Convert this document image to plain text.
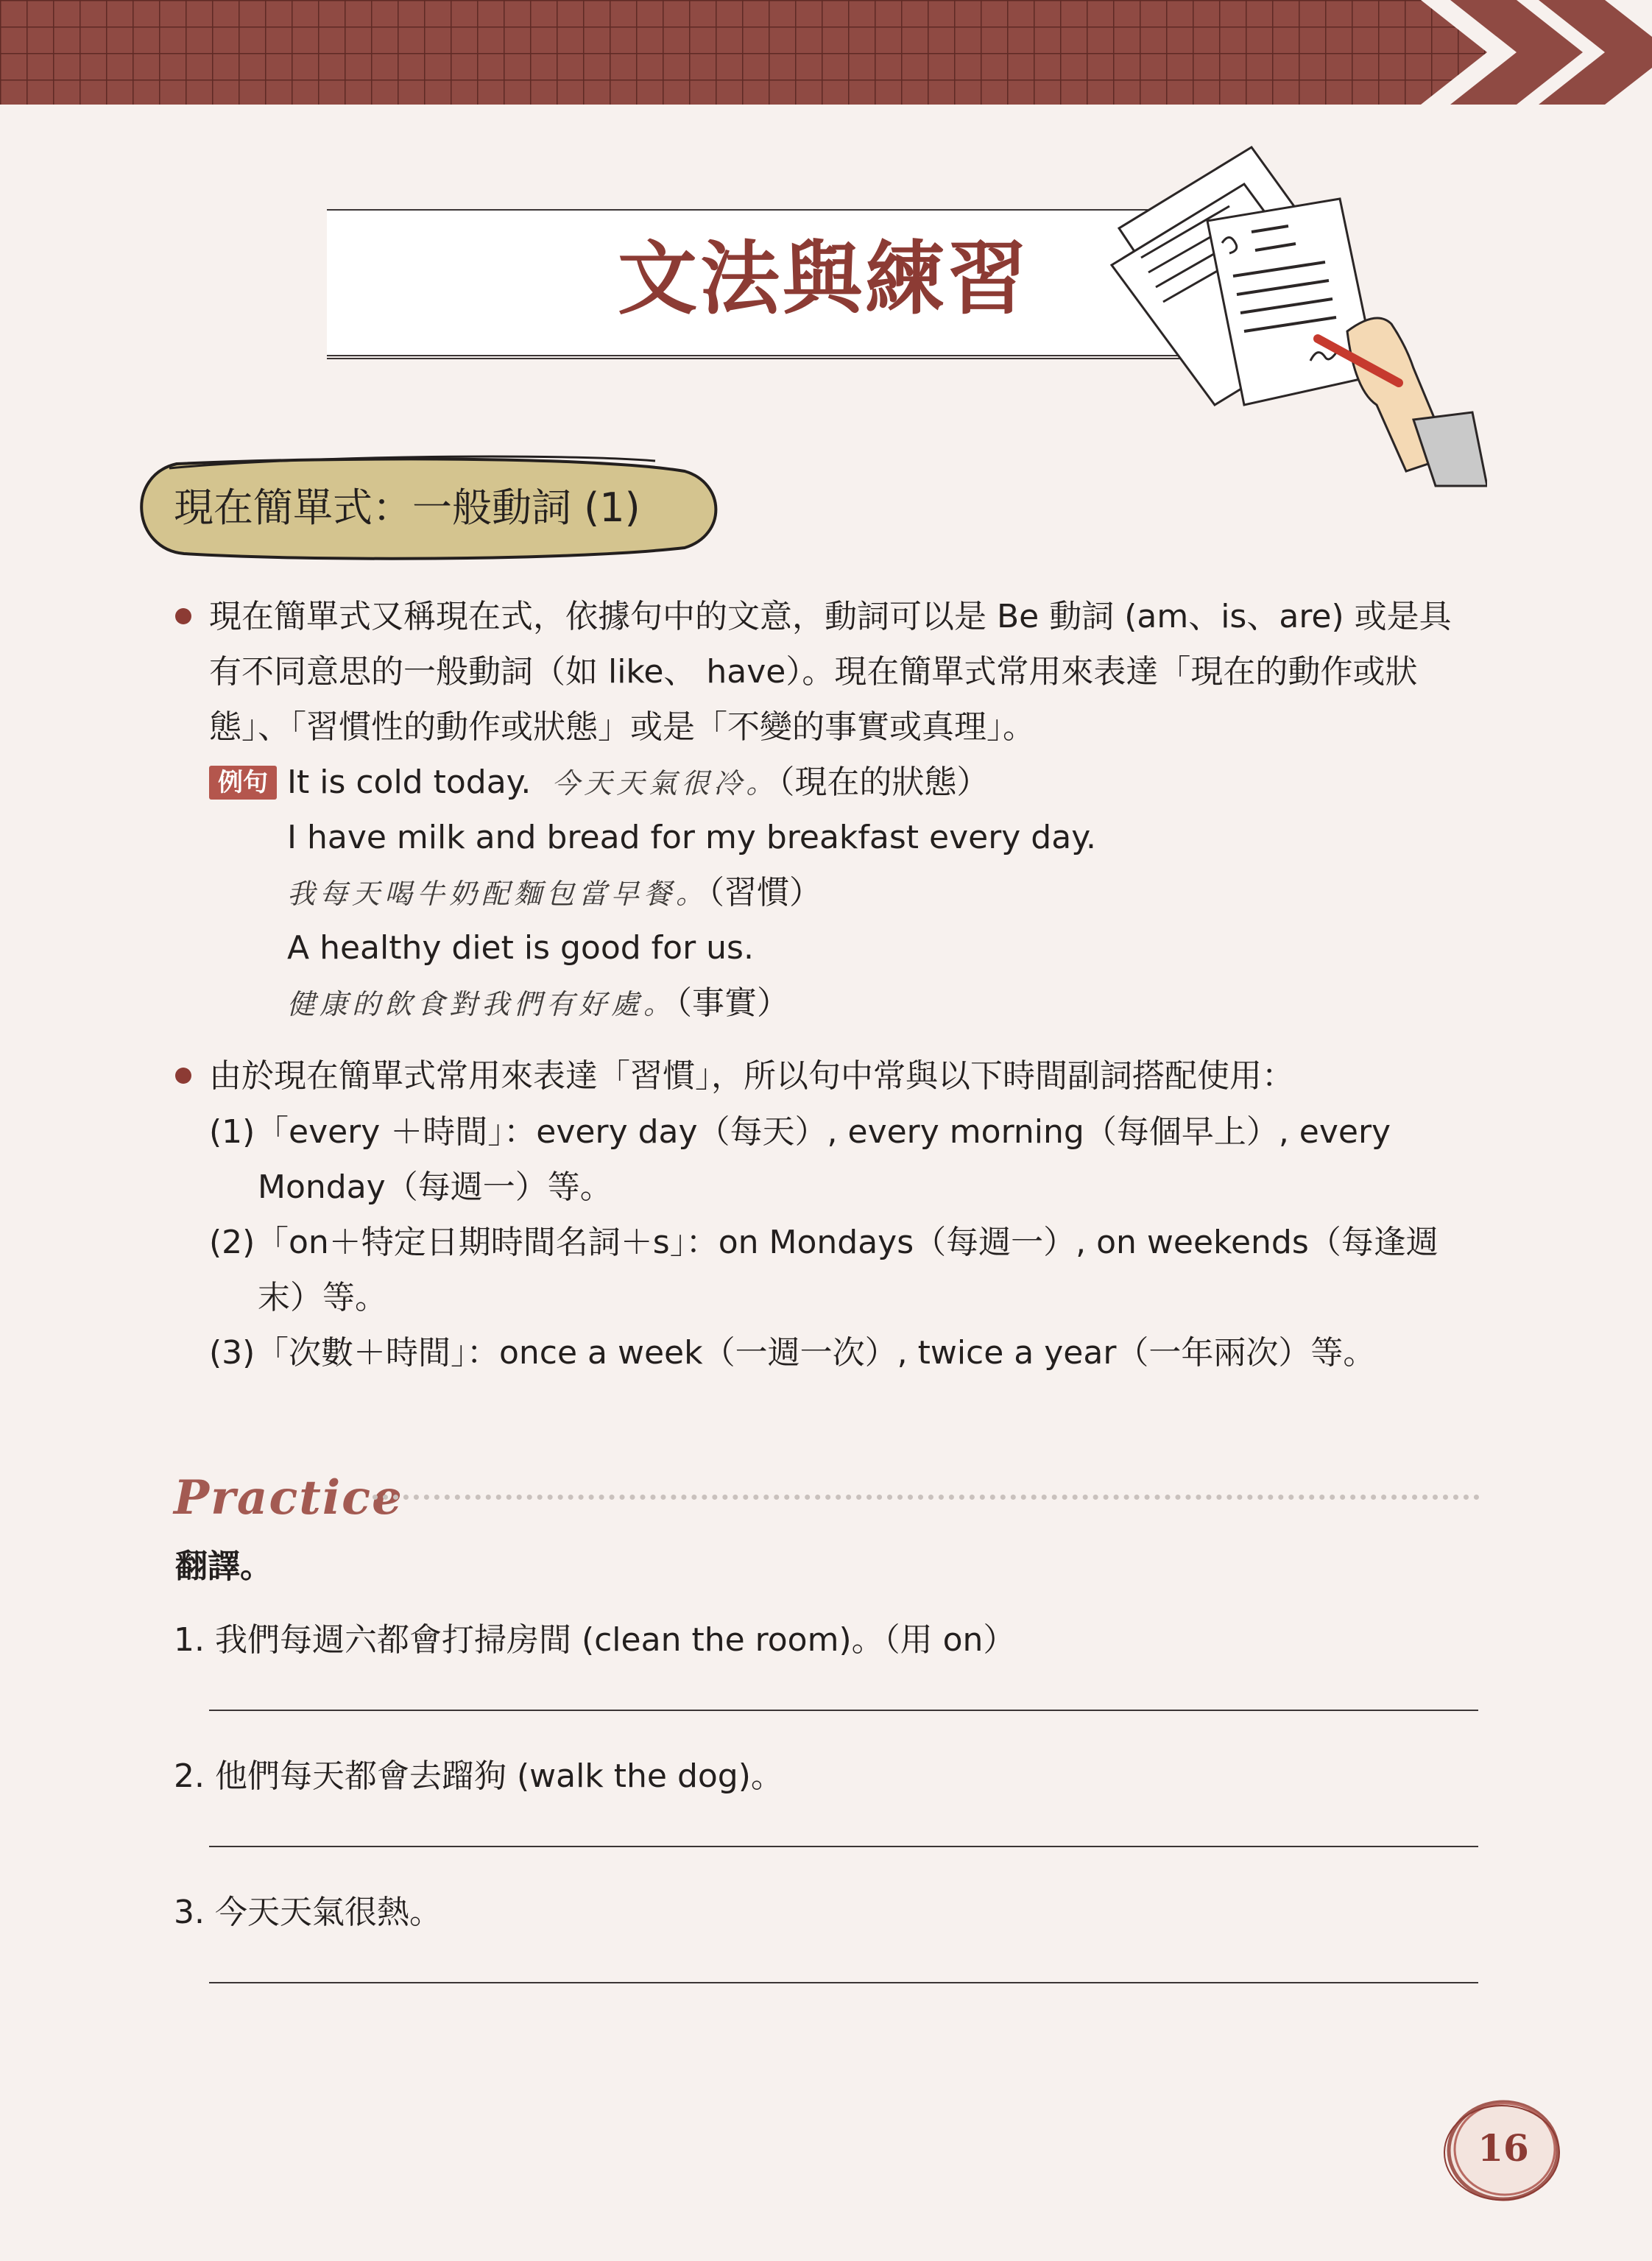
文法與練習
現在簡單式：一般動詞 (1)
現在簡單式又稱現在式，依據句中的文意，動詞可以是 Be 動詞 (am、is、are) 或是具
有不同意思的一般動詞（如 like、 have）。現在簡單式常用來表達「現在的動作或狀
態」、「習慣性的動作或狀態」或是「不變的事實或真理」。
例句 It is cold today. 今天天氣很冷。（現在的狀態）
I have milk and bread for my breakfast every day.
我每天喝牛奶配麵包當早餐。（習慣）
A healthy diet is good for us.
健康的飲食對我們有好處。（事實）
由於現在簡單式常用來表達「習慣」，所以句中常與以下時間副詞搭配使用：
(1) 「every ＋時間」：every day（每天）, every morning（每個早上）, every
Monday（每週一）等。
(2) 「on＋特定日期時間名詞＋s」：on Mondays（每週一）, on weekends（每逢週
末）等。
(3) 「次數＋時間」：once a week（一週一次）, twice a year（一年兩次）等。
Practice
翻譯。
1. 我們每週六都會打掃房間 (clean the room)。（用 on）
2. 他們每天都會去蹓狗 (walk the dog)。
3. 今天天氣很熱。
16
